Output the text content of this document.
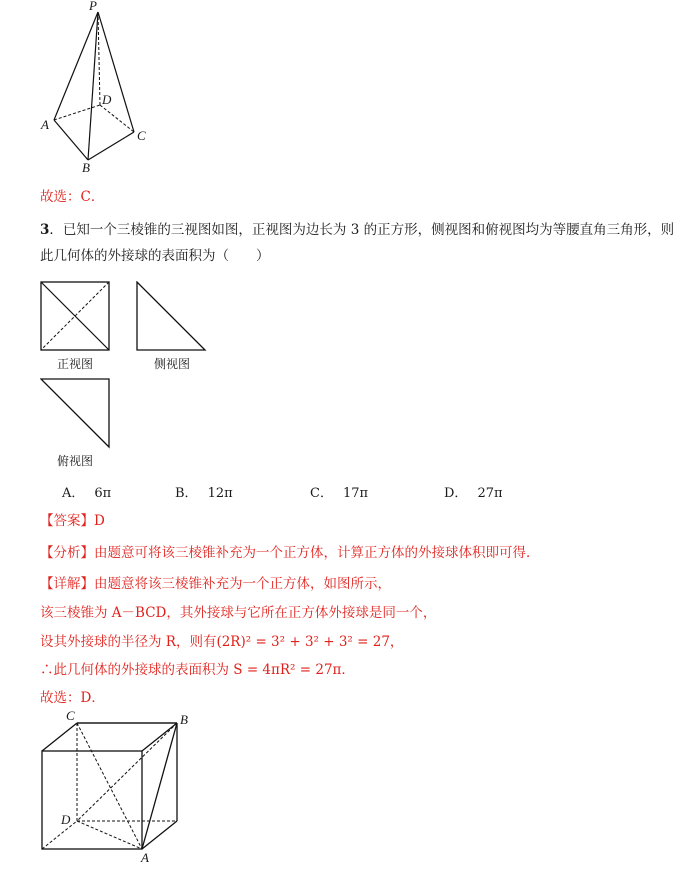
P
D
A
B
C
故选：C．
3．已知一个三棱锥的三视图如图，正视图为边长为 3 的正方形，侧视图和俯视图均为等腰直角三角形，则
此几何体的外接球的表面积为（　　）
正视图	侧视图
俯视图
A． 6π	B． 12π	C． 17π	D． 27π
【答案】D
【分析】由题意可将该三棱锥补充为一个正方体，计算正方体的外接球体积即可得．
【详解】由题意将该三棱锥补充为一个正方体，如图所示，
该三棱锥为 A－BCD，其外接球与它所在正方体外接球是同一个，
设其外接球的半径为 R，则有(2R)² = 3² + 3² + 3² = 27，
∴此几何体的外接球的表面积为 S = 4πR² = 27π．
故选：D．
C	B
D
A
